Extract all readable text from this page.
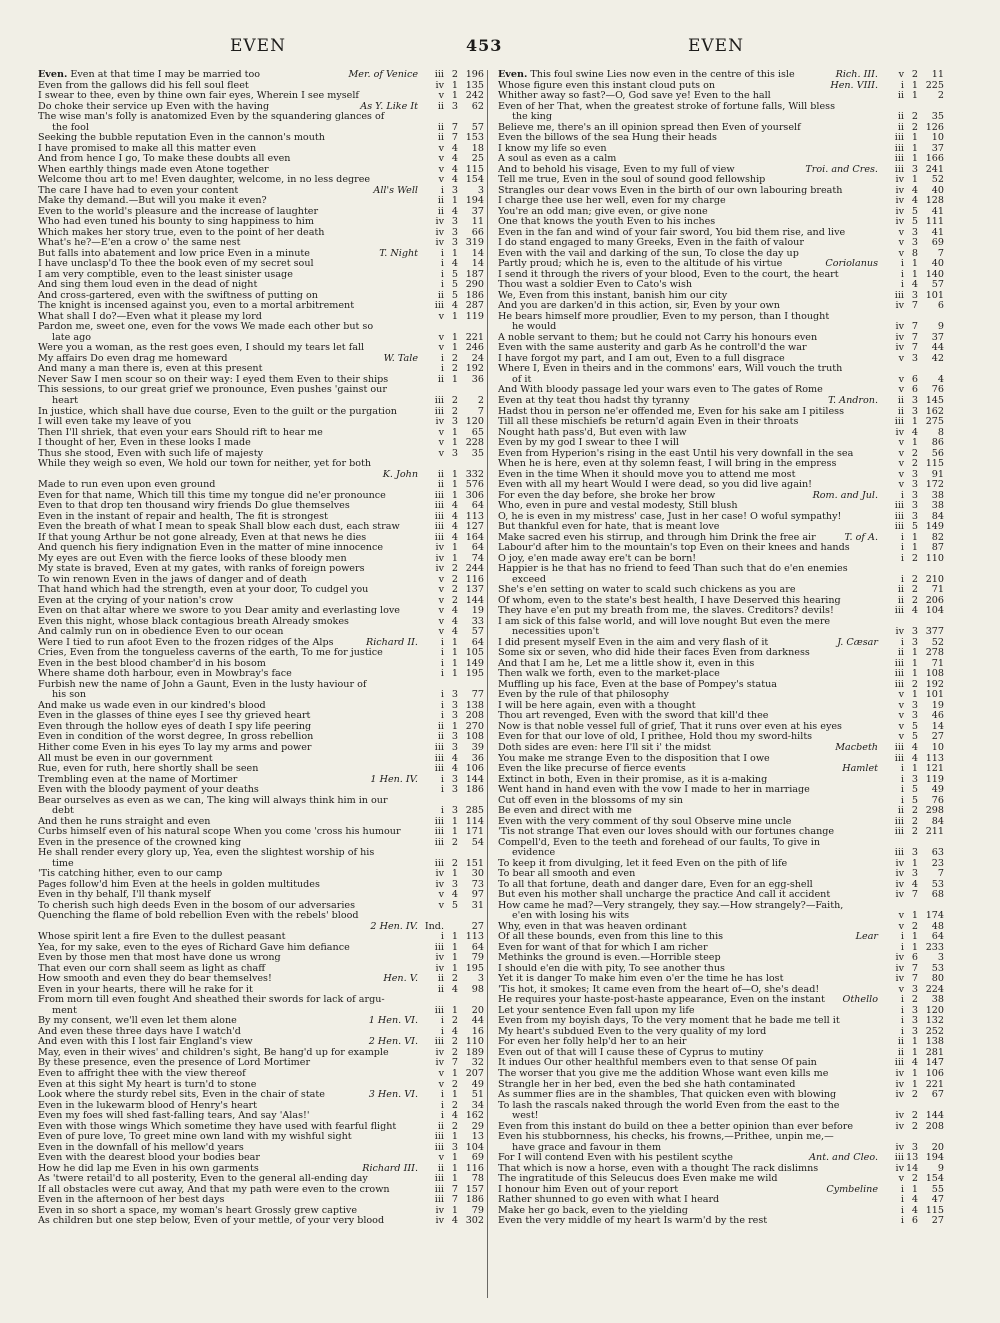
EVEN	453	EVEN
Even. Even at that time I may be married too	Mer. of Venice	iii 2 196
Even from the gallows did his fell soul fleet	iv 1 135
I swear to thee, even by thine own fair eyes, Wherein I see myself	v 1 242
Do choke their service up Even with the having	As Y. Like It	ii 3	62
The wise man's folly is anatomized Even by the squandering glances of
the fool	ii 7	57
Seeking the bubble reputation Even in the cannon's mouth	ii 7 153
I have promised to make all this matter even	v 4	18
And from hence I go, To make these doubts all even	v 4	25
When earthly things made even Atone together	v 4 115
Welcome thou art to me! Even daughter, welcome, in no less degree	v 4 154
The care I have had to even your content	All's Well	i 3	3
Make thy demand.—But will you make it even?	ii 1 194
Even to the world's pleasure and the increase of laughter	ii 4	37
Who had even tuned his bounty to sing happiness to him	iv 3	11
Which makes her story true, even to the point of her death	iv 3	66
What's he?—E'en a crow o' the same nest	iv 3 319
But falls into abatement and low price Even in a minute	T. Night	i 1	14
I have unclasp'd To thee the book even of my secret soul	i 4	14
I am very comptible, even to the least sinister usage	i 5 187
And sing them loud even in the dead of night	i 5 290
And cross-gartered, even with the swiftness of putting on	ii 5 186
The knight is incensed against you, even to a mortal arbitrement	iii 4 287
What shall I do?—Even what it please my lord	v 1 119
Pardon me, sweet one, even for the vows We made each other but so
late ago	v 1 221
Were you a woman, as the rest goes even, I should my tears let fall	v 1 246
My affairs Do even drag me homeward	W. Tale	i 2	24
And many a man there is, even at this present	i 2 192
Never Saw I men scour so on their way: I eyed them Even to their ships	ii 1	36
This sessions, to our great grief we pronounce, Even pushes 'gainst our
heart	iii 2	2
In justice, which shall have due course, Even to the guilt or the purgation	iii 2	7
I will even take my leave of you	iv 3 120
Then I'll shriek, that even your ears Should rift to hear me	v 1	65
I thought of her, Even in these looks I made	v 1 228
Thus she stood, Even with such life of majesty	v 3	35
While they weigh so even, We hold our town for neither, yet for both
K. John	ii 1 332
Made to run even upon even ground	ii 1 576
Even for that name, Which till this time my tongue did ne'er pronounce	iii 1 306
Even to that drop ten thousand wiry friends Do glue themselves	iii 4	64
Even in the instant of repair and health, The fit is strongest	iii 4 113
Even the breath of what I mean to speak Shall blow each dust, each straw	iii 4 127
If that young Arthur be not gone already, Even at that news he dies	iii 4 164
And quench his fiery indignation Even in the matter of mine innocence	iv 1	64
My eyes are out Even with the fierce looks of these bloody men	iv 1	74
My state is braved, Even at my gates, with ranks of foreign powers	iv 2 244
To win renown Even in the jaws of danger and of death	v 2 116
That hand which had the strength, even at your door, To cudgel you	v 2 137
Even at the crying of your nation's crow	v 2 144
Even on that altar where we swore to you Dear amity and everlasting love	v 4	19
Even this night, whose black contagious breath Already smokes	v 4	33
And calmly run on in obedience Even to our ocean	v 4	57
Were I tied to run afoot Even to the frozen ridges of the Alps	Richard II.	i 1	64
Cries, Even from the tongueless caverns of the earth, To me for justice	i 1 105
Even in the best blood chamber'd in his bosom	i 1 149
Where shame doth harbour, even in Mowbray's face	i 1 195
Furbish new the name of John a Gaunt, Even in the lusty haviour of
his son	i 3	77
And make us wade even in our kindred's blood	i 3 138
Even in the glasses of thine eyes I see thy grieved heart	i 3 208
Even through the hollow eyes of death I spy life peering	ii 1 270
Even in condition of the worst degree, In gross rebellion	ii 3 108
Hither come Even in his eyes To lay my arms and power	iii 3	39
All must be even in our government	iii 4	36
Rue, even for ruth, here shortly shall be seen	iii 4 106
Trembling even at the name of Mortimer	1 Hen. IV.	i 3 144
Even with the bloody payment of your deaths	i 3 186
Bear ourselves as even as we can, The king will always think him in our
debt	i 3 285
And then he runs straight and even	iii 1 114
Curbs himself even of his natural scope When you come 'cross his humour	iii 1 171
Even in the presence of the crowned king	iii 2	54
He shall render every glory up, Yea, even the slightest worship of his
time	iii 2 151
'Tis catching hither, even to our camp	iv 1	30
Pages follow'd him Even at the heels in golden multitudes	iv 3	73
Even in thy behalf, I'll thank myself	v 4	97
To cherish such high deeds Even in the bosom of our adversaries	v 5	31
Quenching the flame of bold rebellion Even with the rebels' blood
2 Hen. IV. Ind.	27
Whose spirit lent a fire Even to the dullest peasant	i 1 113
Yea, for my sake, even to the eyes of Richard Gave him defiance	iii 1	64
Even by those men that most have done us wrong	iv 1	79
That even our corn shall seem as light as chaff	iv 1 195
How smooth and even they do bear themselves!	Hen. V.	ii 2	3
Even in your hearts, there will he rake for it	ii 4	98
From morn till even fought And sheathed their swords for lack of argu-
ment	iii 1	20
By my consent, we'll even let them alone	1 Hen. VI.	i 2	44
And even these three days have I watch'd	i 4	16
And even with this I lost fair England's view	2 Hen. VI.	iii 2 110
May, even in their wives' and children's sight, Be hang'd up for example	iv 2 189
By these presence, even the presence of Lord Mortimer	iv 7	32
Even to affright thee with the view thereof	v 1 207
Even at this sight My heart is turn'd to stone	v 2	49
Look where the sturdy rebel sits, Even in the chair of state	3 Hen. VI.	i 1	51
Even in the lukewarm blood of Henry's heart	i 2	34
Even my foes will shed fast-falling tears, And say 'Alas!'	i 4 162
Even with those wings Which sometime they have used with fearful flight	ii 2	29
Even of pure love, To greet mine own land with my wishful sight	iii 1	13
Even in the downfall of his mellow'd years	iii 3 104
Even with the dearest blood your bodies bear	v 1	69
How he did lap me Even in his own garments	Richard III.	ii 1 116
As 'twere retail'd to all posterity, Even to the general all-ending day	iii 1	78
If all obstacles were cut away, And that my path were even to the crown	iii 7 157
Even in the afternoon of her best days	iii 7 186
Even in so short a space, my woman's heart Grossly grew captive	iv 1	79
As children but one step below, Even of your mettle, of your very blood	iv 4 302
Even. This foul swine Lies now even in the centre of this isle	Rich. III.	v 2	11
Whose figure even this instant cloud puts on	Hen. VIII.	i 1 225
Whither away so fast?—O, God save ye! Even to the hall	ii 1	2
Even of her That, when the greatest stroke of fortune falls, Will bless
the king	ii 2	35
Believe me, there's an ill opinion spread then Even of yourself	ii 2 126
Even the billows of the sea Hung their heads	iii 1	10
I know my life so even	iii 1	37
A soul as even as a calm	iii 1 166
And to behold his visage, Even to my full of view	Troi. and Cres.	iii 3 241
Tell me true, Even in the soul of sound good fellowship	iv 1	52
Strangles our dear vows Even in the birth of our own labouring breath	iv 4	40
I charge thee use her well, even for my charge	iv 4 128
You're an odd man; give even, or give none	iv 5	41
One that knows the youth Even to his inches	iv 5 111
Even in the fan and wind of your fair sword, You bid them rise, and live	v 3	41
I do stand engaged to many Greeks, Even in the faith of valour	v 3	69
Even with the vail and darking of the sun, To close the day up	v 8	7
Partly proud; which he is, even to the altitude of his virtue	Coriolanus	i 1	40
I send it through the rivers of your blood, Even to the court, the heart	i 1 140
Thou wast a soldier Even to Cato's wish	i 4	57
We, Even from this instant, banish him our city	iii 3 101
And you are darken'd in this action, sir, Even by your own	iv 7	6
He bears himself more proudlier, Even to my person, than I thought
he would	iv 7	9
A noble servant to them; but he could not Carry his honours even	iv 7	37
Even with the same austerity and garb As he controll'd the war	iv 7	44
I have forgot my part, and I am out, Even to a full disgrace	v 3	42
Where I, Even in theirs and in the commons' ears, Will vouch the truth
of it	v 6	4
And With bloody passage led your wars even to The gates of Rome	v 6	76
Even at thy teat thou hadst thy tyranny	T. Andron.	ii 3 145
Hadst thou in person ne'er offended me, Even for his sake am I pitiless	ii 3 162
Till all these mischiefs be return'd again Even in their throats	iii 1 275
Nought hath pass'd, But even with law	iv 4	8
Even by my god I swear to thee I will	v 1	86
Even from Hyperion's rising in the east Until his very downfall in the sea	v 2	56
When he is here, even at thy solemn feast, I will bring in the empress	v 2 115
Even in the time When it should move you to attend me most	v 3	91
Even with all my heart Would I were dead, so you did live again!	v 3 172
For even the day before, she broke her brow	Rom. and Jul.	i 3	38
Who, even in pure and vestal modesty, Still blush	iii 3	38
O, he is even in my mistress' case, Just in her case! O woful sympathy!	iii 3	84
But thankful even for hate, that is meant love	iii 5 149
Make sacred even his stirrup, and through him Drink the free air	T. of A.	i 1	82
Labour'd after him to the mountain's top Even on their knees and hands	i 1	87
O joy, e'en made away ere't can be born!	i 2 110
Happier is he that has no friend to feed Than such that do e'en enemies
exceed	i 2 210
She's e'en setting on water to scald such chickens as you are	ii 2	71
Of whom, even to the state's best health, I have Deserved this hearing	ii 2 206
They have e'en put my breath from me, the slaves. Creditors? devils!	iii 4 104
I am sick of this false world, and will love nought But even the mere
necessities upon't	iv 3 377
I did present myself Even in the aim and very flash of it	J. Cæsar	i 3	52
Some six or seven, who did hide their faces Even from darkness	ii 1 278
And that I am he, Let me a little show it, even in this	iii 1	71
Then walk we forth, even to the market-place	iii 1 108
Muffling up his face, Even at the base of Pompey's statua	iii 2 192
Even by the rule of that philosophy	v 1 101
I will be here again, even with a thought	v 3	19
Thou art revenged, Even with the sword that kill'd thee	v 3	46
Now is that noble vessel full of grief, That it runs over even at his eyes	v 5	14
Even for that our love of old, I prithee, Hold thou my sword-hilts	v 5	27
Doth sides are even: here I'll sit i' the midst	Macbeth	iii 4	10
You make me strange Even to the disposition that I owe	iii 4 113
Even the like precurse of fierce events	Hamlet	i 1 121
Extinct in both, Even in their promise, as it is a-making	i 3 119
Went hand in hand even with the vow I made to her in marriage	i 5	49
Cut off even in the blossoms of my sin	i 5	76
Be even and direct with me	ii 2 298
Even with the very comment of thy soul Observe mine uncle	iii 2	84
'Tis not strange That even our loves should with our fortunes change	iii 2 211
Compell'd, Even to the teeth and forehead of our faults, To give in
evidence	iii 3	63
To keep it from divulging, let it feed Even on the pith of life	iv 1	23
To bear all smooth and even	iv 3	7
To all that fortune, death and danger dare, Even for an egg-shell	iv 4	53
But even his mother shall uncharge the practice And call it accident	iv 7	68
How came he mad?—Very strangely, they say.—How strangely?—Faith,
e'en with losing his wits	v 1 174
Why, even in that was heaven ordinant	v 2	48
Of all these bounds, even from this line to this	Lear	i 1	64
Even for want of that for which I am richer	i 1 233
Methinks the ground is even.—Horrible steep	iv 6	3
I should e'en die with pity, To see another thus	iv 7	53
Yet it is danger To make him even o'er the time he has lost	iv 7	80
'Tis hot, it smokes; It came even from the heart of—O, she's dead!	v 3 224
He requires your haste-post-haste appearance, Even on the instant Othello	i 2	38
Let your sentence Even fall upon my life	i 3 120
Even from my boyish days, To the very moment that he bade me tell it	i 3 132
My heart's subdued Even to the very quality of my lord	i 3 252
For even her folly help'd her to an heir	ii 1 138
Even out of that will I cause these of Cyprus to mutiny	ii 1 281
It indues Our other healthful members even to that sense Of pain	iii 4 147
The worser that you give me the addition Whose want even kills me	iv 1 106
Strangle her in her bed, even the bed she hath contaminated	iv 1 221
As summer flies are in the shambles, That quicken even with blowing	iv 2	67
To lash the rascals naked through the world Even from the east to the
west!	iv 2 144
Even from this instant do build on thee a better opinion than ever before	iv 2 208
Even his stubbornness, his checks, his frowns,—Prithee, unpin me,—
have grace and favour in them	iv 3	20
For I will contend Even with his pestilent scythe	Ant. and Cleo.	iii 13 194
That which is now a horse, even with a thought The rack dislimns	iv 14	9
The ingratitude of this Seleucus does Even make me wild	v 2 154
I honour him Even out of your report	Cymbeline	i 1	55
Rather shunned to go even with what I heard	i 4	47
Make her go back, even to the yielding	i 4 115
Even the very middle of my heart Is warm'd by the rest	i 6	27
